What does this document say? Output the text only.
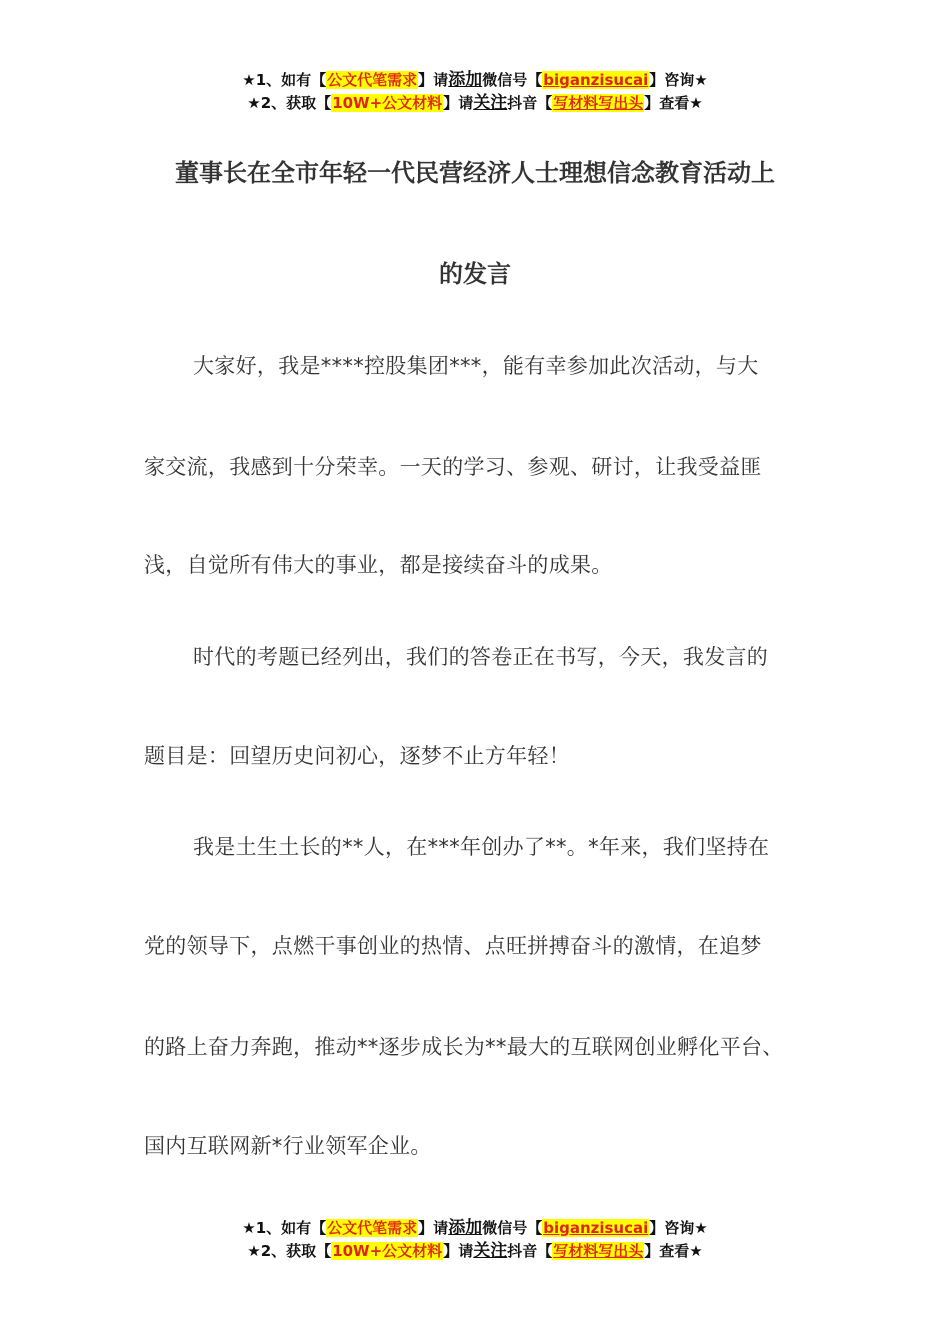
★1、如有【公文代笔需求】请添加微信号【biganzisucai】咨询★
★2、获取【10W+公文材料】请关注抖音【写材料写出头】查看★
董事长在全市年轻一代民营经济人士理想信念教育活动上
的发言
大家好，我是****控股集团***，能有幸参加此次活动，与大
家交流，我感到十分荣幸。一天的学习、参观、研讨，让我受益匪
浅，自觉所有伟大的事业，都是接续奋斗的成果。
时代的考题已经列出，我们的答卷正在书写，今天，我发言的
题目是：回望历史问初心，逐梦不止方年轻！
我是土生土长的**人，在***年创办了**。*年来，我们坚持在
党的领导下，点燃干事创业的热情、点旺拼搏奋斗的激情，在追梦
的路上奋力奔跑，推动**逐步成长为**最大的互联网创业孵化平台、
国内互联网新*行业领军企业。
★1、如有【公文代笔需求】请添加微信号【biganzisucai】咨询★
★2、获取【10W+公文材料】请关注抖音【写材料写出头】查看★
